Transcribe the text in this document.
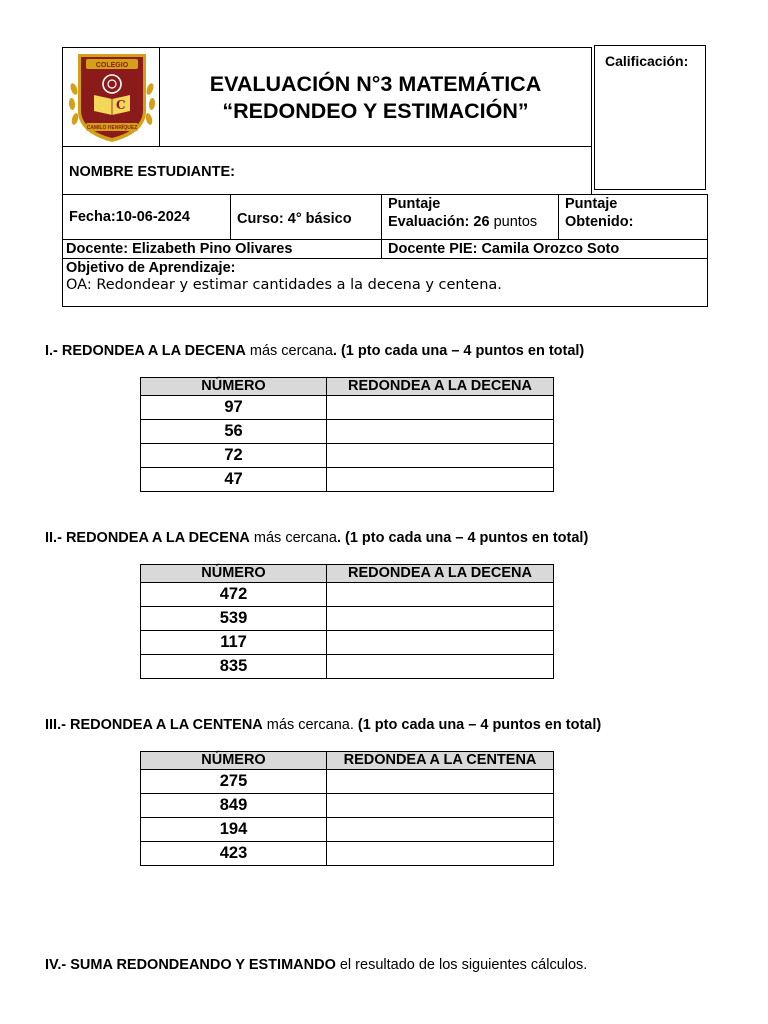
COLEGIO
C
CAMILO HENRÍQUEZ
EVALUACIÓN N°3 MATEMÁTICA
“REDONDEO Y ESTIMACIÓN”
Calificación:
NOMBRE ESTUDIANTE:
Fecha:10-06-2024	Curso: 4° básico
Puntaje
Evaluación: 26 puntos
Puntaje
Obtenido:
Docente: Elizabeth Pino Olivares	Docente PIE: Camila Orozco Soto
Objetivo de Aprendizaje:
OA: Redondear y estimar cantidades a la decena y centena.
I.- REDONDEA A LA DECENA más cercana. (1 pto cada una – 4 puntos en total)
NÚMERO	REDONDEA A LA DECENA
97	
56	
72	
47	
II.- REDONDEA A LA DECENA más cercana. (1 pto cada una – 4 puntos en total)
NÚMERO	REDONDEA A LA DECENA
472	
539	
117	
835	
III.- REDONDEA A LA CENTENA más cercana. (1 pto cada una – 4 puntos en total)
NÚMERO	REDONDEA A LA CENTENA
275	
849	
194	
423	
IV.- SUMA REDONDEANDO Y ESTIMANDO el resultado de los siguientes cálculos.
